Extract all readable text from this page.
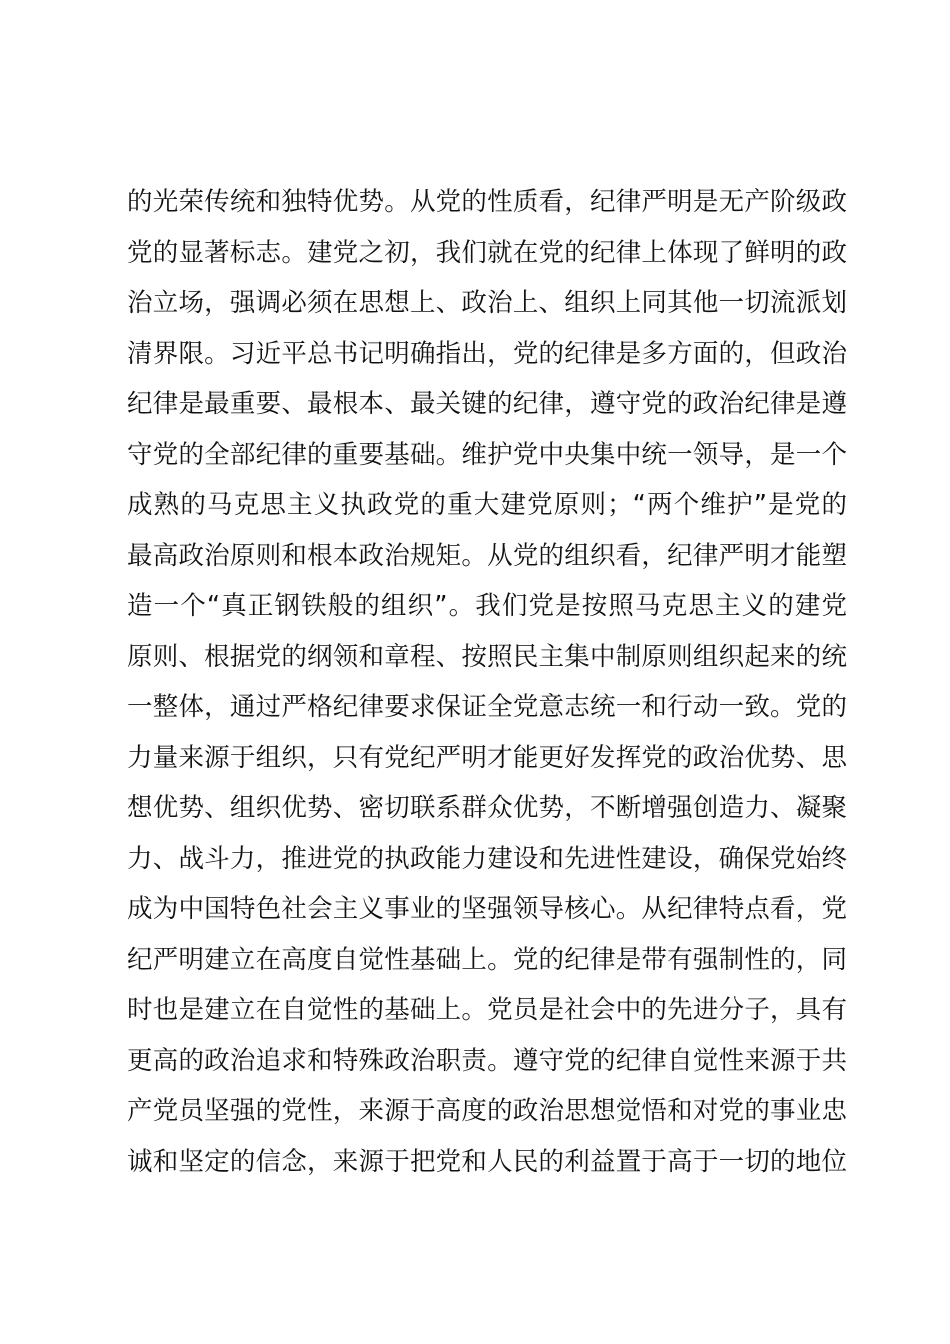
的光荣传统和独特优势。从党的性质看，纪律严明是无产阶级政
党的显著标志。建党之初，我们就在党的纪律上体现了鲜明的政
治立场，强调必须在思想上、政治上、组织上同其他一切流派划
清界限。习近平总书记明确指出，党的纪律是多方面的，但政治
纪律是最重要、最根本、最关键的纪律，遵守党的政治纪律是遵
守党的全部纪律的重要基础。维护党中央集中统一领导，是一个
成熟的马克思主义执政党的重大建党原则；“两个维护”是党的
最高政治原则和根本政治规矩。从党的组织看，纪律严明才能塑
造一个“真正钢铁般的组织”。我们党是按照马克思主义的建党
原则、根据党的纲领和章程、按照民主集中制原则组织起来的统
一整体，通过严格纪律要求保证全党意志统一和行动一致。党的
力量来源于组织，只有党纪严明才能更好发挥党的政治优势、思
想优势、组织优势、密切联系群众优势，不断增强创造力、凝聚
力、战斗力，推进党的执政能力建设和先进性建设，确保党始终
成为中国特色社会主义事业的坚强领导核心。从纪律特点看，党
纪严明建立在高度自觉性基础上。党的纪律是带有强制性的，同
时也是建立在自觉性的基础上。党员是社会中的先进分子，具有
更高的政治追求和特殊政治职责。遵守党的纪律自觉性来源于共
产党员坚强的党性，来源于高度的政治思想觉悟和对党的事业忠
诚和坚定的信念，来源于把党和人民的利益置于高于一切的地位
